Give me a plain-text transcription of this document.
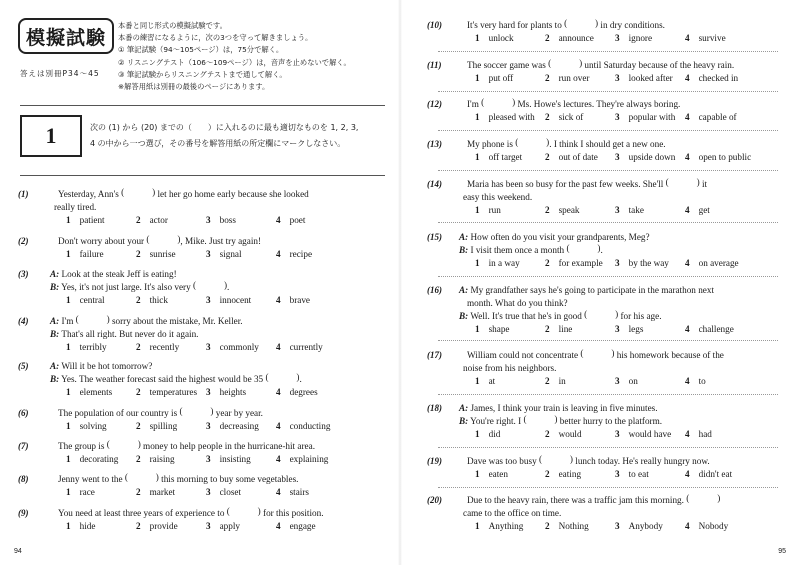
模擬試験
答えは別冊P34〜45
本番と同じ形式の模擬試験です。
本番の練習になるように，次の3つを守って解きましょう。
① 筆記試験（94〜105ページ）は，75分で解く。
② リスニングテスト（106〜109ページ）は，音声を止めないで解く。
③ 筆記試験からリスニングテストまで通して解く。
※解答用紙は別冊の最後のページにあります。
1	次の (1) から (20) までの（　　）に入れるのに最も適切なものを 1, 2, 3,
4 の中から一つ選び，その番号を解答用紙の所定欄にマークしなさい。
(1)	Yesterday, Ann's ( )	let her go home early because she looked
really tired.
1 patient	2 actor	3 boss	4 poet
(2)	Don't worry about your ( )	, Mike. Just try again!
1 failure	2 sunrise	3 signal	4 recipe
(3) A: Look at the steak Jeff is eating!
B: Yes, it's not just large. It's also very ( )	.
1 central	2 thick	3 innocent	4 brave
(4) A: I'm ( )	sorry about the mistake, Mr. Keller.
B: That's all right. But never do it again.
1 terribly	2 recently	3 commonly 4 currently
(5) A: Will it be hot tomorrow?
B: Yes. The weather forecast said the highest would be 35 ( )	.
1 elements	2 temperatures 3 heights	4 degrees
(6)	The population of our country is ( )	year by year.
1 solving	2 spilling	3 decreasing 4 conducting
(7)	The group is ( )	money to help people in the hurricane-hit area.
1 decorating 2 raising	3 insisting	4 explaining
(8)	Jenny went to the ( )	this morning to buy some vegetables.
1 race	2 market	3 closet	4 stairs
(9)	You need at least three years of experience to ( )	for this position.
1 hide	2 provide	3 apply	4 engage
94
(10)	It's very hard for plants to ( )	in dry conditions.
1 unlock	2 announce 3 ignore	4 survive
(11)	The soccer game was ( )	until Saturday because of the heavy rain.
1 put off	2 run over	3 looked after 4 checked in
(12)	I'm ( )	Ms. Howe's lectures. They're always boring.
1 pleased with 2 sick of	3 popular with 4 capable of
(13)	My phone is ( )	. I think I should get a new one.
1 off target 2 out of date 3 upside down 4 open to public
(14)	Maria has been so busy for the past few weeks. She'll ( )	it
easy this weekend.
1 run	2 speak	3 take	4 get
(15) A: How often do you visit your grandparents, Meg?
B: I visit them once a month ( )	.
1 in a way	2 for example 3 by the way 4 on average
(16) A: My grandfather says he's going to participate in the marathon next
month. What do you think?
B: Well. It's true that he's in good ( )	for his age.
1 shape	2 line	3 legs	4 challenge
(17)	William could not concentrate ( )	his homework because of the
noise from his neighbors.
1 at	2 in	3 on	4 to
(18) A: James, I think your train is leaving in five minutes.
B: You're right. I ( )	better hurry to the platform.
1 did	2 would	3 would have 4 had
(19)	Dave was too busy ( )	lunch today. He's really hungry now.
1 eaten	2 eating	3 to eat	4 didn't eat
(20)	Due to the heavy rain, there was a traffic jam this morning. ( )
came to the office on time.
1 Anything 2 Nothing	3 Anybody 4 Nobody
95
